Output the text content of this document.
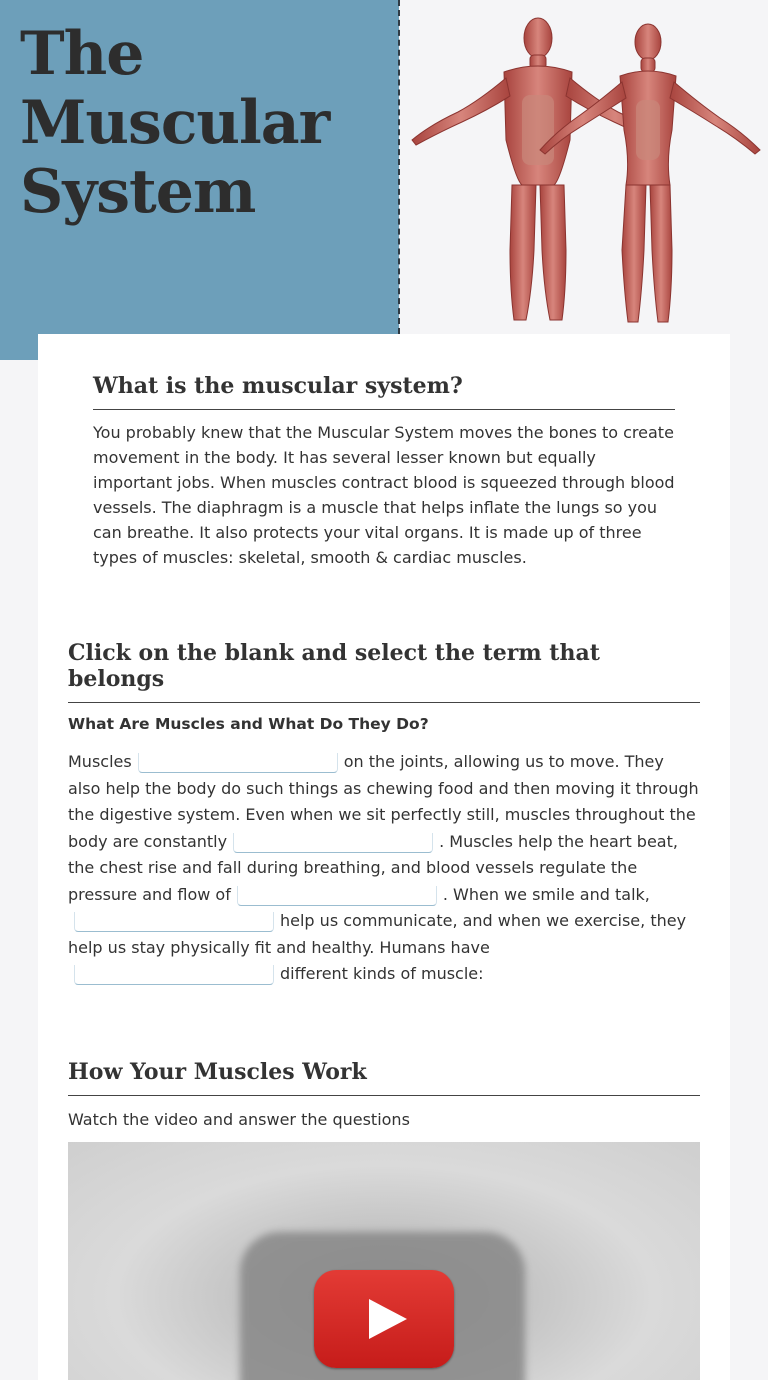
The Muscular System
What is the muscular system?

You probably knew that the Muscular System moves the bones to create movement in the body. It has several lesser known but equally important jobs. When muscles contract blood is squeezed through blood vessels. The diaphragm is a muscle that helps inflate the lungs so you can breathe. It also protects your vital organs. It is made up of three types of muscles: skeletal, smooth & cardiac muscles.

Click on the blank and select the term that belongs
What Are Muscles and What Do They Do?

Muscles	on the joints, allowing us to move. They also help the body do such things as chewing food and then moving it through the digestive system. Even when we sit perfectly still, muscles throughout the body are constantly	. Muscles help the heart beat, the chest rise and fall during breathing, and blood vessels regulate the pressure and flow of	. When we smile and talk,help us communicate, and when we exercise, they help us stay physically fit and healthy. Humans havedifferent kinds of muscle:

How Your Muscles Work

Watch the video and answer the questions
